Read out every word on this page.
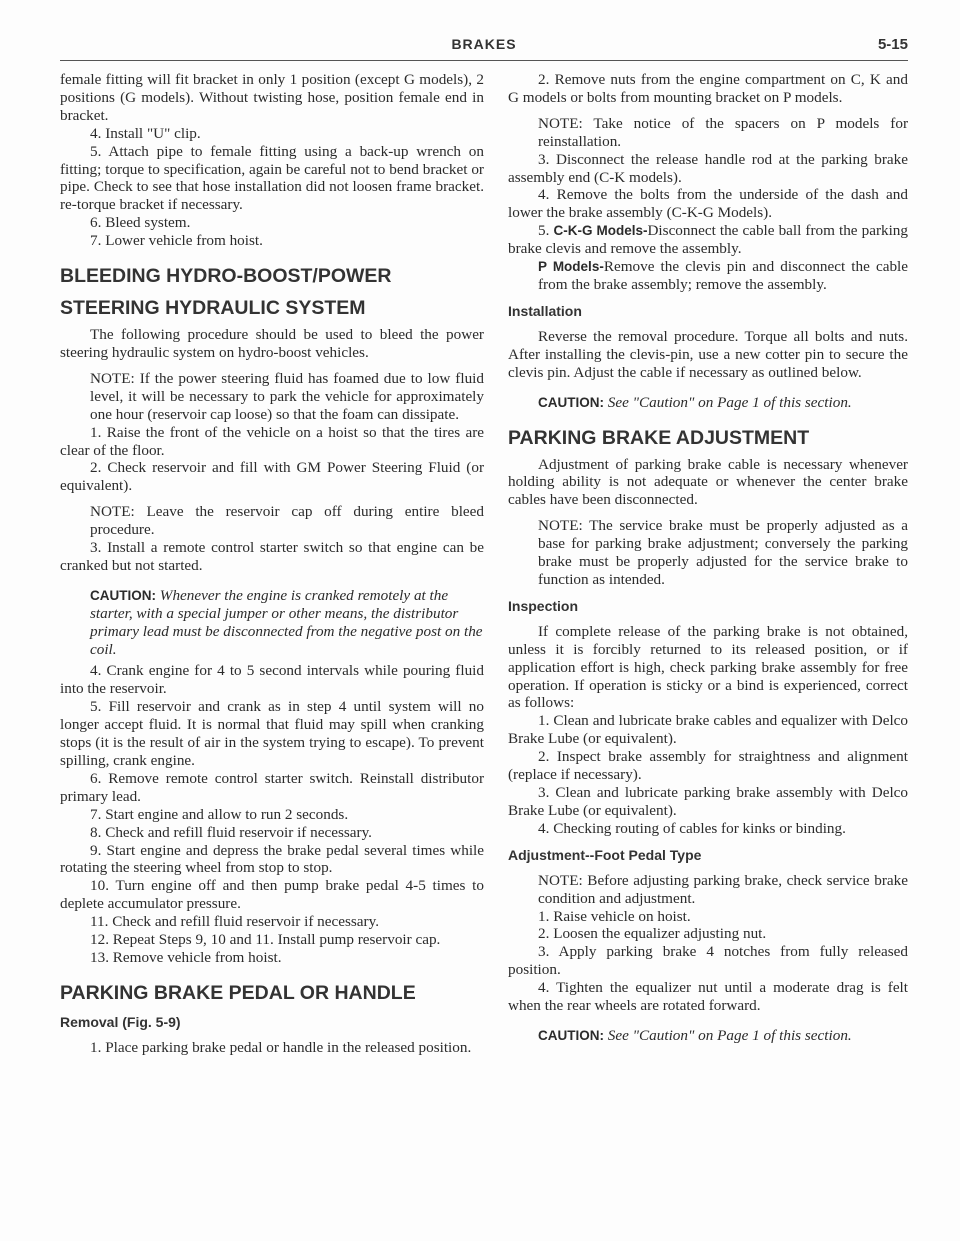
BRAKES	5-15

female fitting will fit bracket in only 1 position (except G models), 2 positions (G models). Without twisting hose, position female end in bracket.

4. Install "U" clip.

5. Attach pipe to female fitting using a back-up wrench on fitting; torque to specification, again be careful not to bend bracket or pipe. Check to see that hose installation did not loosen frame bracket. re-torque bracket if necessary.

6. Bleed system.

7. Lower vehicle from hoist.

BLEEDING HYDRO-BOOST/POWER
STEERING HYDRAULIC SYSTEM

The following procedure should be used to bleed the power steering hydraulic system on hydro-boost vehicles.

NOTE: If the power steering fluid has foamed due to low fluid level, it will be necessary to park the vehicle for approximately one hour (reservoir cap loose) so that the foam can dissipate.

1. Raise the front of the vehicle on a hoist so that the tires are clear of the floor.

2. Check reservoir and fill with GM Power Steering Fluid (or equivalent).

NOTE: Leave the reservoir cap off during entire bleed procedure.

3. Install a remote control starter switch so that engine can be cranked but not started.

CAUTION: Whenever the engine is cranked remotely at the starter, with a special jumper or other means, the distributor primary lead must be disconnected from the negative post on the coil.

4. Crank engine for 4 to 5 second intervals while pouring fluid into the reservoir.

5. Fill reservoir and crank as in step 4 until system will no longer accept fluid. It is normal that fluid may spill when cranking stops (it is the result of air in the system trying to escape). To prevent spilling, crank engine.

6. Remove remote control starter switch. Reinstall distributor primary lead.

7. Start engine and allow to run 2 seconds.

8. Check and refill fluid reservoir if necessary.

9. Start engine and depress the brake pedal several times while rotating the steering wheel from stop to stop.

10. Turn engine off and then pump brake pedal 4-5 times to deplete accumulator pressure.

11. Check and refill fluid reservoir if necessary.

12. Repeat Steps 9, 10 and 11. Install pump reservoir cap.

13. Remove vehicle from hoist.

PARKING BRAKE PEDAL OR HANDLE
Removal (Fig. 5-9)

1. Place parking brake pedal or handle in the released position.

2. Remove nuts from the engine compartment on C, K and G models or bolts from mounting bracket on P models.

NOTE: Take notice of the spacers on P models for reinstallation.

3. Disconnect the release handle rod at the parking brake assembly end (C-K models).

4. Remove the bolts from the underside of the dash and lower the brake assembly (C-K-G Models).

5. C-K-G Models-Disconnect the cable ball from the parking brake clevis and remove the assembly.

P Models-Remove the clevis pin and disconnect the cable from the brake assembly; remove the assembly.

Installation

Reverse the removal procedure. Torque all bolts and nuts. After installing the clevis-pin, use a new cotter pin to secure the clevis pin. Adjust the cable if necessary as outlined below.

CAUTION: See "Caution" on Page 1 of this section.

PARKING BRAKE ADJUSTMENT

Adjustment of parking brake cable is necessary whenever holding ability is not adequate or whenever the center brake cables have been disconnected.

NOTE: The service brake must be properly adjusted as a base for parking brake adjustment; conversely the parking brake must be properly adjusted for the service brake to function as intended.

Inspection

If complete release of the parking brake is not obtained, unless it is forcibly returned to its released position, or if application effort is high, check parking brake assembly for free operation. If operation is sticky or a bind is experienced, correct as follows:

1. Clean and lubricate brake cables and equalizer with Delco Brake Lube (or equivalent).

2. Inspect brake assembly for straightness and alignment (replace if necessary).

3. Clean and lubricate parking brake assembly with Delco Brake Lube (or equivalent).

4. Checking routing of cables for kinks or binding.

Adjustment--Foot Pedal Type

NOTE: Before adjusting parking brake, check service brake condition and adjustment.

1. Raise vehicle on hoist.

2. Loosen the equalizer adjusting nut.

3. Apply parking brake 4 notches from fully released position.

4. Tighten the equalizer nut until a moderate drag is felt when the rear wheels are rotated forward.

CAUTION: See "Caution" on Page 1 of this section.
